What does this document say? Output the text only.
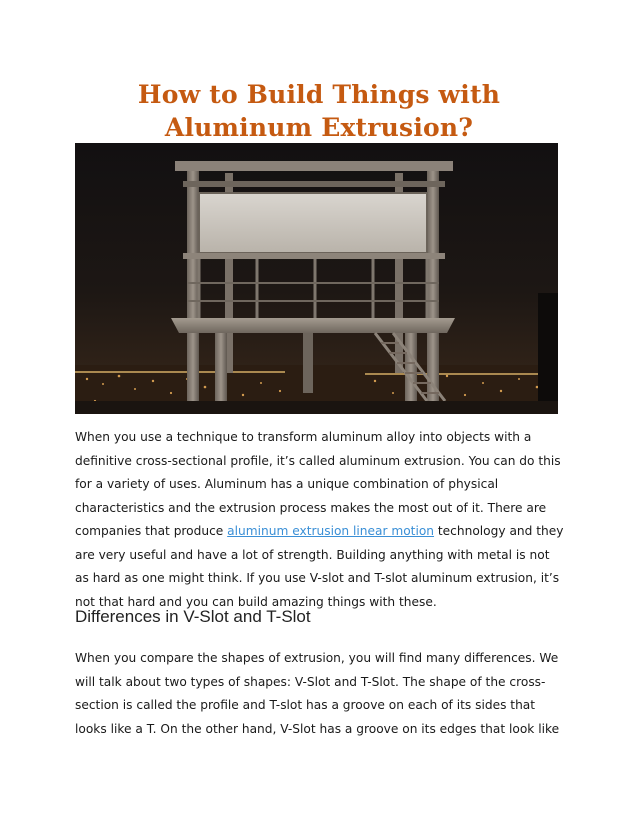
How to Build Things with
Aluminum Extrusion?
When you use a technique to transform aluminum alloy into objects with a
definitive cross-sectional profile, it’s called aluminum extrusion. You can do this
for a variety of uses. Aluminum has a unique combination of physical
characteristics and the extrusion process makes the most out of it. There are
companies that produce aluminum extrusion linear motion technology and they
are very useful and have a lot of strength. Building anything with metal is not
as hard as one might think. If you use V-slot and T-slot aluminum extrusion, it’s
not that hard and you can build amazing things with these.
Differences in V-Slot and T-Slot
When you compare the shapes of extrusion, you will find many differences. We
will talk about two types of shapes: V-Slot and T-Slot. The shape of the cross-
section is called the profile and T-slot has a groove on each of its sides that
looks like a T. On the other hand, V-Slot has a groove on its edges that look like
